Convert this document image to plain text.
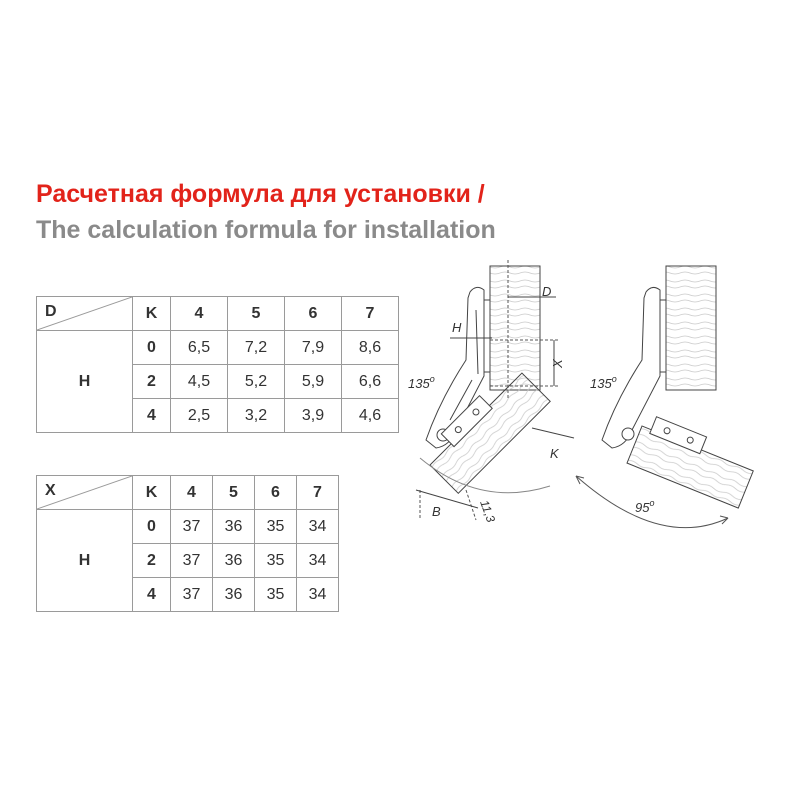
Расчетная формула для установки /
The calculation formula for installation
D	K	4	5	6	7
H	0	6,5	7,2	7,9	8,6
	2	4,5	5,2	5,9	6,6
	4	2,5	3,2	3,9	4,6
X	K	4	5	6	7
H	0	37	36	35	34
	2	37	36	35	34
	4	37	36	35	34
D
H
X
K
B	11,3
135$^o$	135$^o$
95$^o$
